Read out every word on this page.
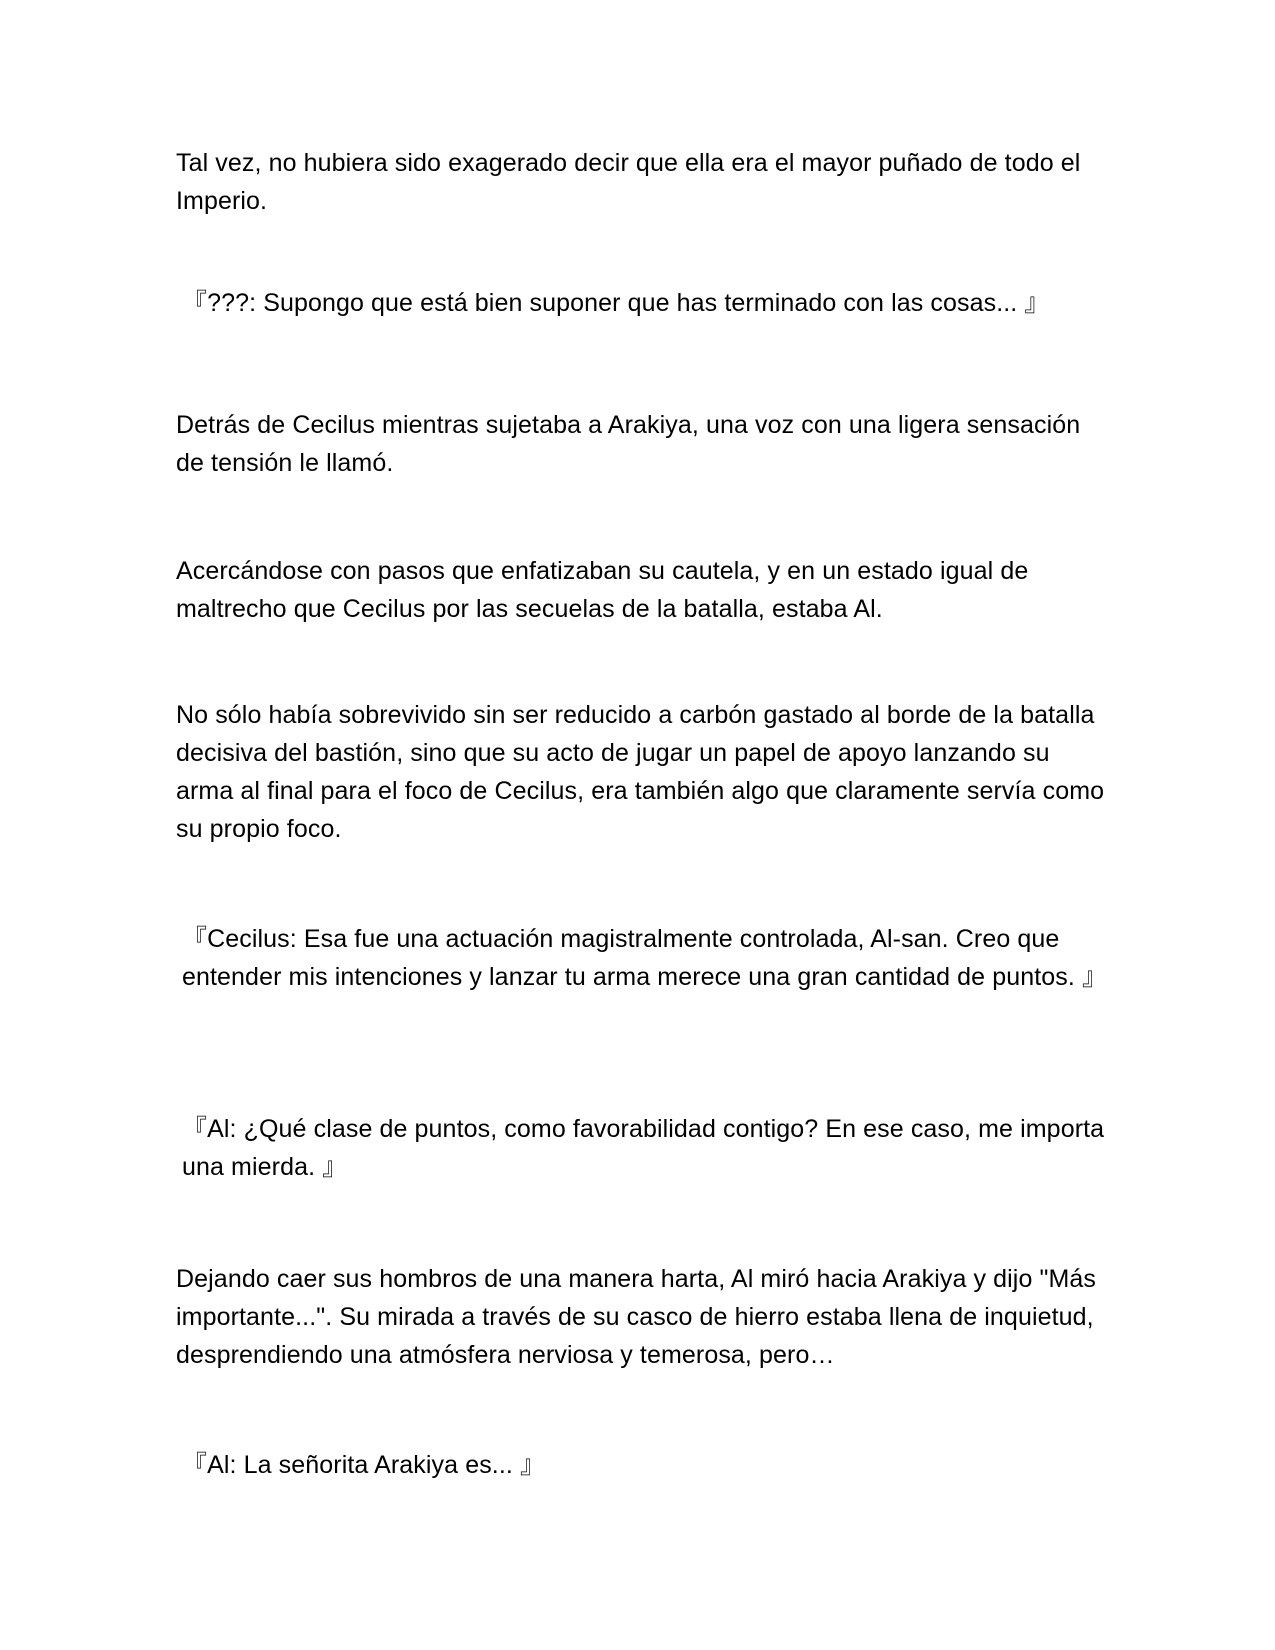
Tal vez, no hubiera sido exagerado decir que ella era el mayor puñado de todo el Imperio.

『???: Supongo que está bien suponer que has terminado con las cosas... 』

Detrás de Cecilus mientras sujetaba a Arakiya, una voz con una ligera sensación de tensión le llamó.

Acercándose con pasos que enfatizaban su cautela, y en un estado igual de maltrecho que Cecilus por las secuelas de la batalla, estaba Al.

No sólo había sobrevivido sin ser reducido a carbón gastado al borde de la batalla decisiva del bastión, sino que su acto de jugar un papel de apoyo lanzando su arma al final para el foco de Cecilus, era también algo que claramente servía como su propio foco.

『Cecilus: Esa fue una actuación magistralmente controlada, Al-san. Creo que entender mis intenciones y lanzar tu arma merece una gran cantidad de puntos. 』

『Al: ¿Qué clase de puntos, como favorabilidad contigo? En ese caso, me importa una mierda. 』

Dejando caer sus hombros de una manera harta, Al miró hacia Arakiya y dijo "Más importante...". Su mirada a través de su casco de hierro estaba llena de inquietud, desprendiendo una atmósfera nerviosa y temerosa, pero…

『Al: La señorita Arakiya es... 』
